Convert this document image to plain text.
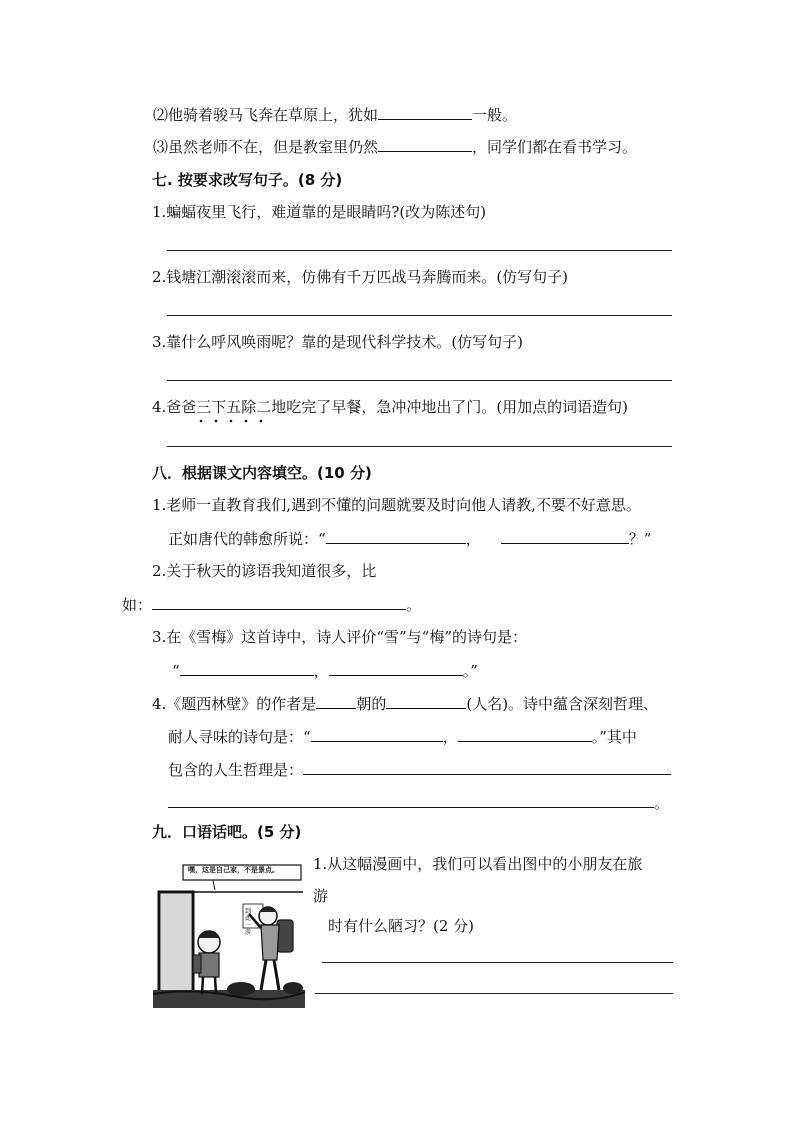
⑵他骑着骏马飞奔在草原上，犹如	一般。
⑶虽然老师不在，但是教室里仍然	，同学们都在看书学习。
七. 按要求改写句子。(8 分)
1.蝙蝠夜里飞行，难道靠的是眼睛吗?(改为陈述句)
2.钱塘江潮滚滚而来，仿佛有千万匹战马奔腾而来。(仿写句子)
3.靠什么呼风唤雨呢？靠的是现代科学技术。(仿写句子)
4.爸爸三下五除二地吃完了早餐，急冲冲地出了门。(用加点的词语造句)
八．根据课文内容填空。(10 分)
1.老师一直教育我们,遇到不懂的问题就要及时向他人请教,不要不好意思。
正如唐代的韩愈所说：“	，	？”
2.关于秋天的谚语我知道很多，比
如：	。
3.在《雪梅》这首诗中，诗人评价“雪”与“梅”的诗句是：
“	，	。”
4.《题西林壁》的作者是	朝的	(人名)。诗中蕴含深刻哲理、
耐人寻味的诗句是：“	，	。”其中
包含的人生哲理是：
。
九．口语话吧。(5 分)
嘿，这是自己家，不是景点。
到此一游
1.从这幅漫画中，我们可以看出图中的小朋友在旅
游
时有什么陋习？(2 分)
